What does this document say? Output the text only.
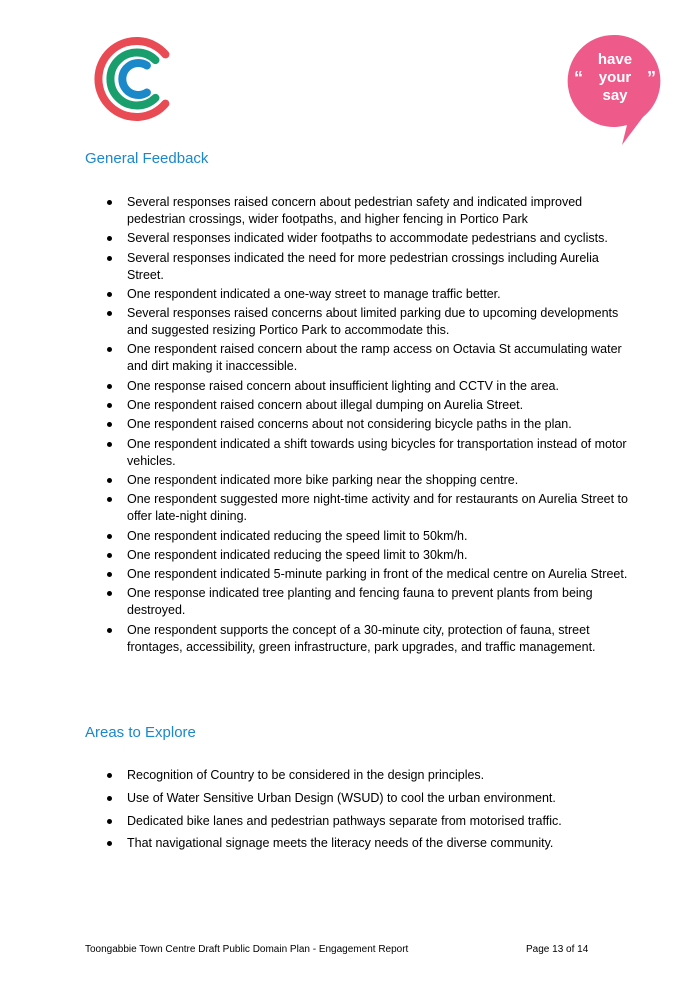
“	”
have
your
say
General Feedback
Several responses raised concern about pedestrian safety and indicated improved pedestrian crossings, wider footpaths, and higher fencing in Portico Park
Several responses indicated wider footpaths to accommodate pedestrians and cyclists.
Several responses indicated the need for more pedestrian crossings including Aurelia Street.
One respondent indicated a one-way street to manage traffic better.
Several responses raised concerns about limited parking due to upcoming developments and suggested resizing Portico Park to accommodate this.
One respondent raised concern about the ramp access on Octavia St accumulating water and dirt making it inaccessible.
One response raised concern about insufficient lighting and CCTV in the area.
One respondent raised concern about illegal dumping on Aurelia Street.
One respondent raised concerns about not considering bicycle paths in the plan.
One respondent indicated a shift towards using bicycles for transportation instead of motor vehicles.
One respondent indicated more bike parking near the shopping centre.
One respondent suggested more night-time activity and for restaurants on Aurelia Street to offer late-night dining.
One respondent indicated reducing the speed limit to 50km/h.
One respondent indicated reducing the speed limit to 30km/h.
One respondent indicated 5-minute parking in front of the medical centre on Aurelia Street.
One response indicated tree planting and fencing fauna to prevent plants from being destroyed.
One respondent supports the concept of a 30-minute city, protection of fauna, street frontages, accessibility, green infrastructure, park upgrades, and traffic management.
Areas to Explore
Recognition of Country to be considered in the design principles.
Use of Water Sensitive Urban Design (WSUD) to cool the urban environment.
Dedicated bike lanes and pedestrian pathways separate from motorised traffic.
That navigational signage meets the literacy needs of the diverse community.
Toongabbie Town Centre Draft Public Domain Plan - Engagement Report	Page 13 of 14
